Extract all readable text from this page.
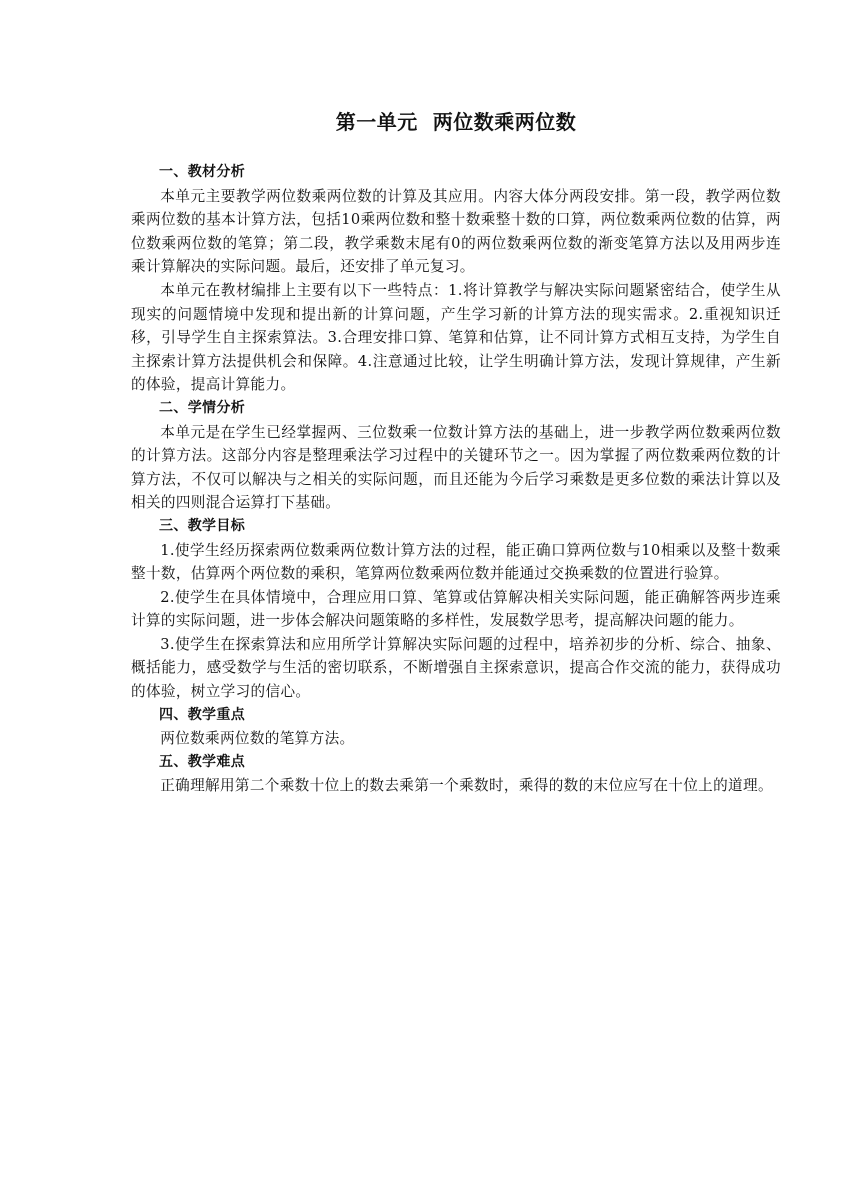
第一单元  两位数乘两位数
一、教材分析

本单元主要教学两位数乘两位数的计算及其应用。内容大体分两段安排。第一段，教学两位数乘两位数的基本计算方法，包括10乘两位数和整十数乘整十数的口算，两位数乘两位数的估算，两位数乘两位数的笔算；第二段，教学乘数末尾有0的两位数乘两位数的渐变笔算方法以及用两步连乘计算解决的实际问题。最后，还安排了单元复习。

本单元在教材编排上主要有以下一些特点：1.将计算教学与解决实际问题紧密结合，使学生从现实的问题情境中发现和提出新的计算问题，产生学习新的计算方法的现实需求。2.重视知识迁移，引导学生自主探索算法。3.合理安排口算、笔算和估算，让不同计算方式相互支持，为学生自主探索计算方法提供机会和保障。4.注意通过比较，让学生明确计算方法，发现计算规律，产生新的体验，提高计算能力。

二、学情分析

本单元是在学生已经掌握两、三位数乘一位数计算方法的基础上，进一步教学两位数乘两位数的计算方法。这部分内容是整理乘法学习过程中的关键环节之一。因为掌握了两位数乘两位数的计算方法，不仅可以解决与之相关的实际问题，而且还能为今后学习乘数是更多位数的乘法计算以及相关的四则混合运算打下基础。

三、教学目标

1.使学生经历探索两位数乘两位数计算方法的过程，能正确口算两位数与10相乘以及整十数乘整十数，估算两个两位数的乘积，笔算两位数乘两位数并能通过交换乘数的位置进行验算。

2.使学生在具体情境中，合理应用口算、笔算或估算解决相关实际问题，能正确解答两步连乘计算的实际问题，进一步体会解决问题策略的多样性，发展数学思考，提高解决问题的能力。

3.使学生在探索算法和应用所学计算解决实际问题的过程中，培养初步的分析、综合、抽象、概括能力，感受数学与生活的密切联系，不断增强自主探索意识，提高合作交流的能力，获得成功的体验，树立学习的信心。

四、教学重点

两位数乘两位数的笔算方法。

五、教学难点

正确理解用第二个乘数十位上的数去乘第一个乘数时，乘得的数的末位应写在十位上的道理。
